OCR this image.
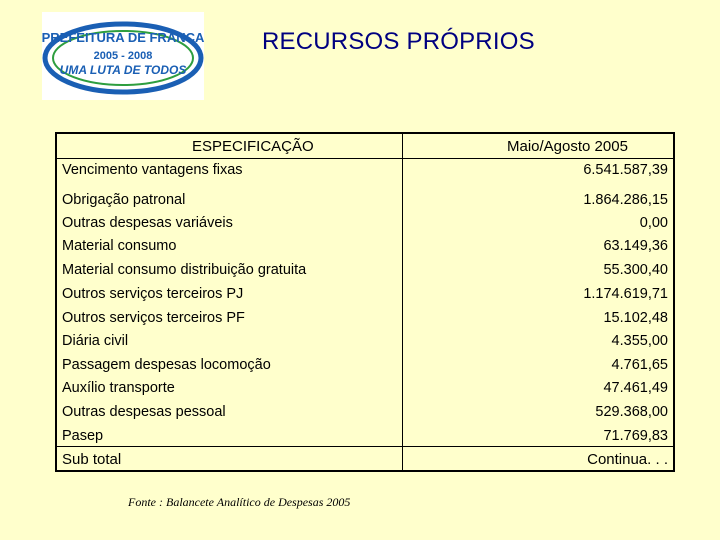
PREFEITURA DE FRANCA
2005 - 2008
UMA LUTA DE TODOS
RECURSOS PRÓPRIOS
ESPECIFICAÇÃO	Maio/Agosto 2005
Vencimento vantagens fixas	6.541.587,39
Obrigação patronal	1.864.286,15
Outras despesas variáveis	0,00
Material consumo	63.149,36
Material consumo distribuição gratuita	55.300,40
Outros serviços terceiros PJ	1.174.619,71
Outros serviços terceiros PF	15.102,48
Diária civil	4.355,00
Passagem despesas locomoção	4.761,65
Auxílio transporte	47.461,49
Outras despesas pessoal	529.368,00
Pasep	71.769,83
Sub total	Continua. . .
Fonte : Balancete Analítico de Despesas 2005
